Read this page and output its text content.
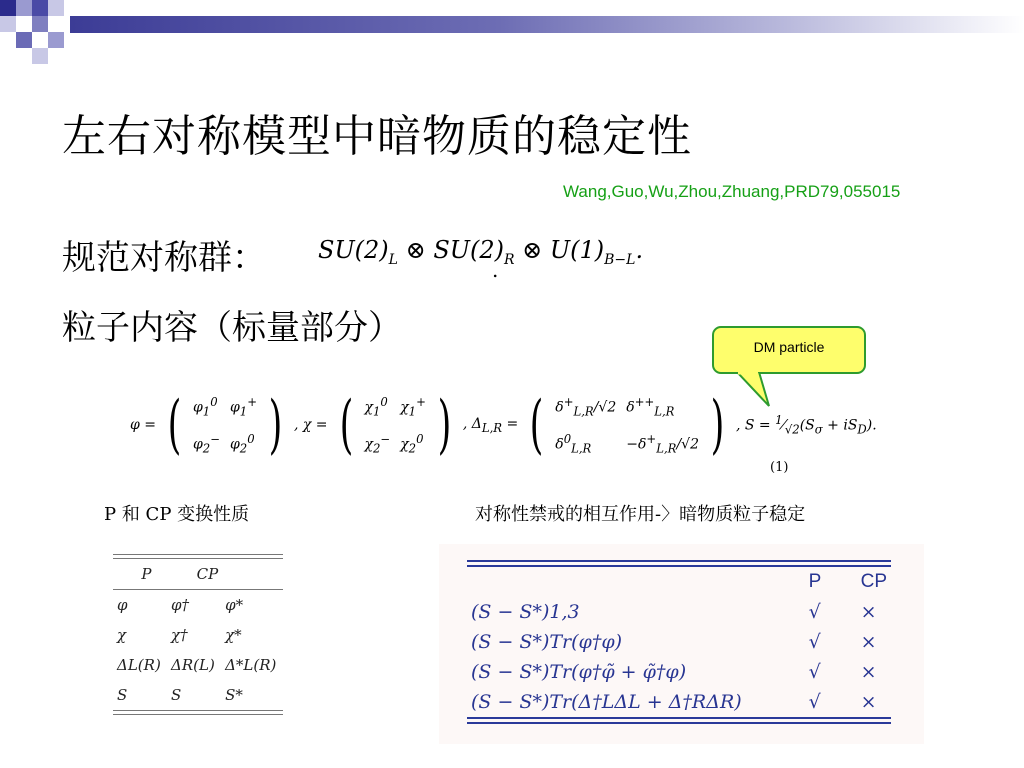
左右对称模型中暗物质的稳定性
Wang,Guo,Wu,Zhou,Zhuang,PRD79,055015
规范对称群： $SU(2)_L$ ⊗ $SU(2)_R$ ⊗ $U(1)_{B-L}$.
.
粒子内容（标量部分）	DM particle
φ = ( $\varphi_1^0$ $\varphi_1^+$
$\varphi_2^-$ $\varphi_2^0$ ) , χ = ( $\chi_1^0$ $\chi_1^+$
$\chi_2^-$ $\chi_2^0$ ) , $\Delta_{L,R}$ = ( $\delta^+_{L,R}/√2$ $\delta^{++}_{L,R}$
$\delta^0_{L,R}$	$-\delta^+_{L,R}/√2$ ) , $S = ^1⁄_{√2}(S_\sigma + iS_D)$.
(1)
P 和 CP 变换性质	对称性禁戒的相互作用-〉暗物质粒子稳定
	P	CP
φ	φ†	φ*
χ	χ†	χ*
ΔL(R)	ΔR(L)	Δ*L(R)
S	S	S*
	P	CP
(S − S*)1,3	√	×
(S − S*)Tr(φ†φ)	√	×
(S − S*)Tr(φ†φ̃ + φ̃†φ)	√	×
(S − S*)Tr(Δ†LΔL + Δ†RΔR)	√	×
